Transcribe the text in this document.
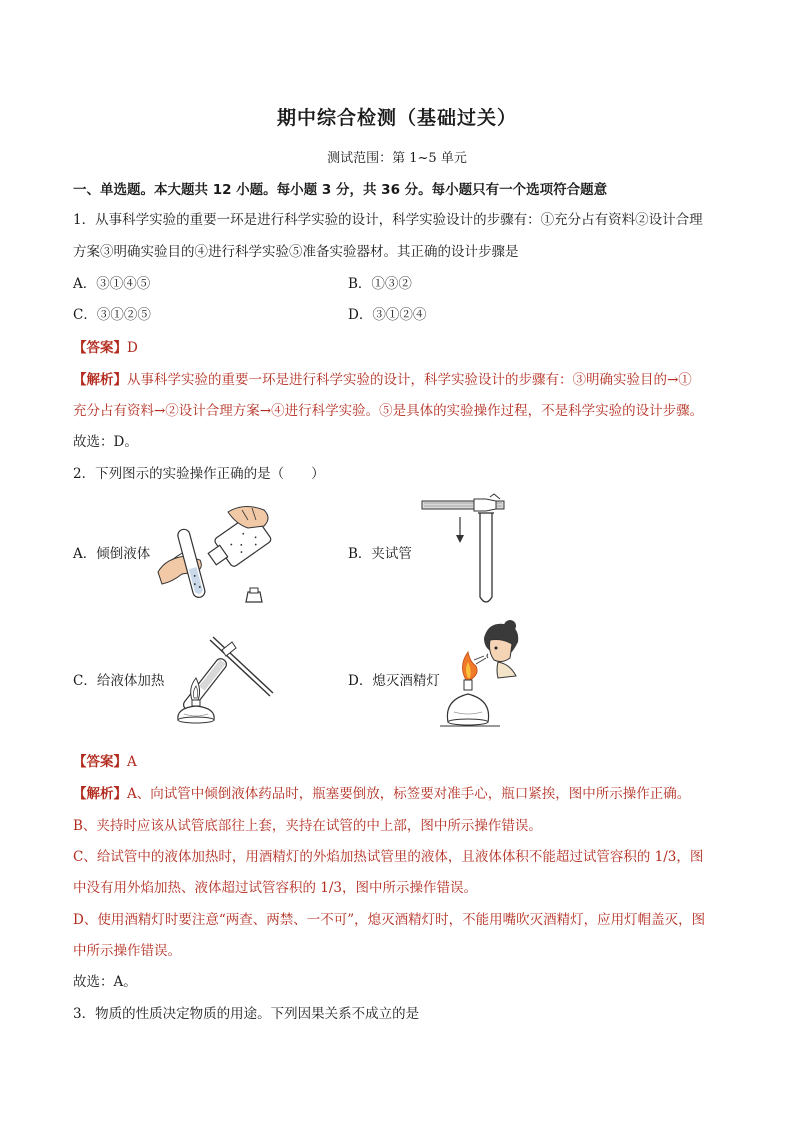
期中综合检测（基础过关）
测试范围：第 1~5 单元
一、单选题。本大题共 12 小题。每小题 3 分，共 36 分。每小题只有一个选项符合题意
1．从事科学实验的重要一环是进行科学实验的设计，科学实验设计的步骤有：①充分占有资料②设计合理
方案③明确实验目的④进行科学实验⑤准备实验器材。其正确的设计步骤是
A．③①④⑤	B．①③②
C．③①②⑤	D．③①②④
【答案】D
【解析】从事科学实验的重要一环是进行科学实验的设计，科学实验设计的步骤有：③明确实验目的→①
充分占有资料→②设计合理方案→④进行科学实验。⑤是具体的实验操作过程，不是科学实验的设计步骤。
故选：D。
2．下列图示的实验操作正确的是（　　）
A．倾倒液体	B．夹试管
C．给液体加热	D．熄灭酒精灯
【答案】A
【解析】A、向试管中倾倒液体药品时，瓶塞要倒放，标签要对准手心，瓶口紧挨，图中所示操作正确。
B、夹持时应该从试管底部往上套，夹持在试管的中上部，图中所示操作错误。
C、给试管中的液体加热时，用酒精灯的外焰加热试管里的液体，且液体体积不能超过试管容积的 1/3，图
中没有用外焰加热、液体超过试管容积的 1/3，图中所示操作错误。
D、使用酒精灯时要注意“两查、两禁、一不可”，熄灭酒精灯时，不能用嘴吹灭酒精灯，应用灯帽盖灭，图
中所示操作错误。
故选：A。
3．物质的性质决定物质的用途。下列因果关系不成立的是
